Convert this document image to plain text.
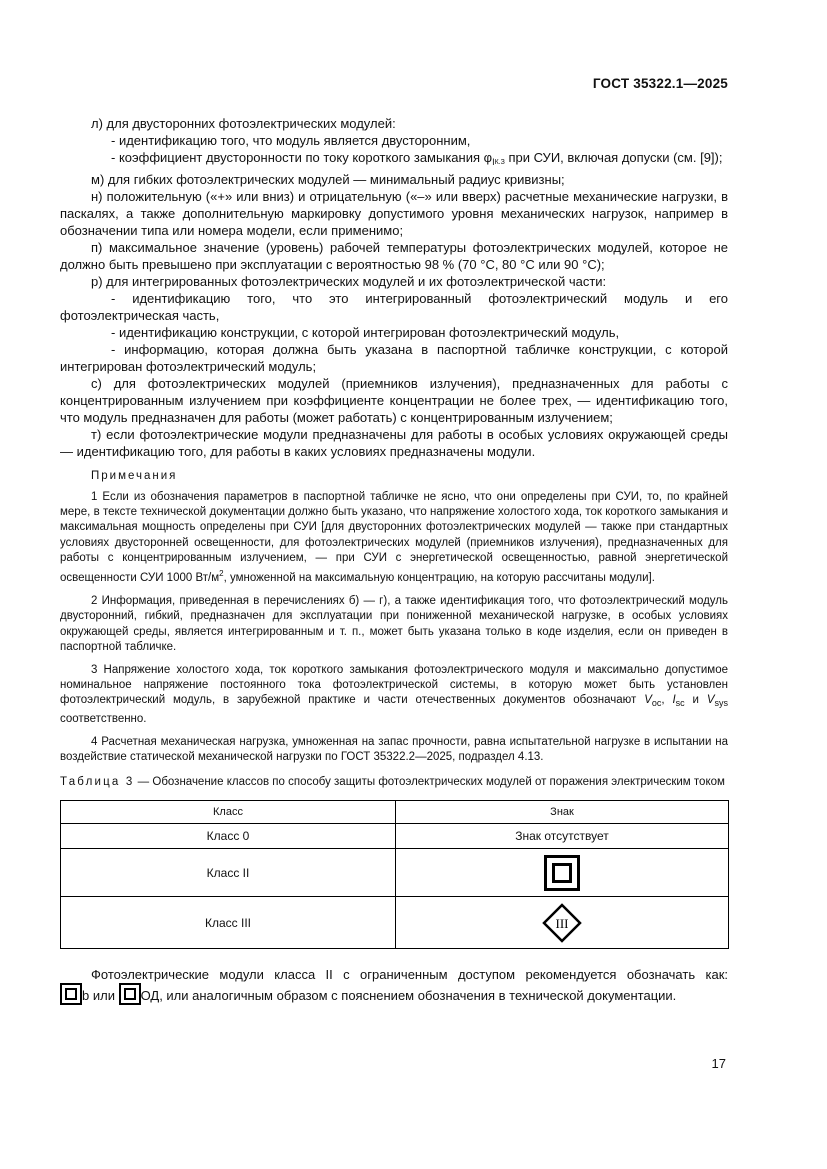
ГОСТ 35322.1—2025

л) для двусторонних фотоэлектрических модулей:

- идентификацию того, что модуль является двусторонним,

- коэффициент двусторонности по току короткого замыкания $\varphi_IК.З$ при СУИ, включая допуски (см. [9]);

м) для гибких фотоэлектрических модулей — минимальный радиус кривизны;

н) положительную («+» или вниз) и отрицательную («–» или вверх) расчетные механические нагрузки, в паскалях, а также дополнительную маркировку допустимого уровня механических нагрузок, например в обозначении типа или номера модели, если применимо;

п) максимальное значение (уровень) рабочей температуры фотоэлектрических модулей, которое не должно быть превышено при эксплуатации с вероятностью 98 % (70 °C, 80 °C или 90 °C);

р) для интегрированных фотоэлектрических модулей и их фотоэлектрической части:

- идентификацию того, что это интегрированный фотоэлектрический модуль и его фотоэлектрическая часть,

- идентификацию конструкции, с которой интегрирован фотоэлектрический модуль,

- информацию, которая должна быть указана в паспортной табличке конструкции, с которой интегрирован фотоэлектрический модуль;

с) для фотоэлектрических модулей (приемников излучения), предназначенных для работы с концентрированным излучением при коэффициенте концентрации не более трех, — идентификацию того, что модуль предназначен для работы (может работать) с концентрированным излучением;

т) если фотоэлектрические модули предназначены для работы в особых условиях окружающей среды — идентификацию того, для работы в каких условиях предназначены модули.

Примечания

1 Если из обозначения параметров в паспортной табличке не ясно, что они определены при СУИ, то, по крайней мере, в тексте технической документации должно быть указано, что напряжение холостого хода, ток короткого замыкания и максимальная мощность определены при СУИ [для двусторонних фотоэлектрических модулей — также при стандартных условиях двусторонней освещенности, для фотоэлектрических модулей (приемников излучения), предназначенных для работы с концентрированным излучением, — при СУИ с энергетической освещенностью, равной энергетической освещенности СУИ 1000 $Вт/м^2$, умноженной на максимальную концентрацию, на которую рассчитаны модули].

2 Информация, приведенная в перечислениях б) — г), а также идентификация того, что фотоэлектрический модуль двусторонний, гибкий, предназначен для эксплуатации при пониженной механической нагрузке, в особых условиях окружающей среды, является интегрированным и т. п., может быть указана только в коде изделия, если он приведен в паспортной табличке.

3 Напряжение холостого хода, ток короткого замыкания фотоэлектрического модуля и максимально допустимое номинальное напряжение постоянного тока фотоэлектрической системы, в которую может быть установлен фотоэлектрический модуль, в зарубежной практике и части отечественных документов обозначают $V_{oc}$, $I_{sc}$ и $V_{sys}$ соответственно.

4 Расчетная механическая нагрузка, умноженная на запас прочности, равна испытательной нагрузке в испытании на воздействие статической механической нагрузки по ГОСТ 35322.2—2025, подраздел 4.13.

Таблица 3 — Обозначение классов по способу защиты фотоэлектрических модулей от поражения электрическим током

Класс	Знак
Класс 0	Знак отсутствует
Класс II	

Класс III	III

Фотоэлектрические модули класса II с ограниченным доступом рекомендуется обозначать как:

b или ОД, или аналогичным образом с пояснением обозначения в технической документации.

17
